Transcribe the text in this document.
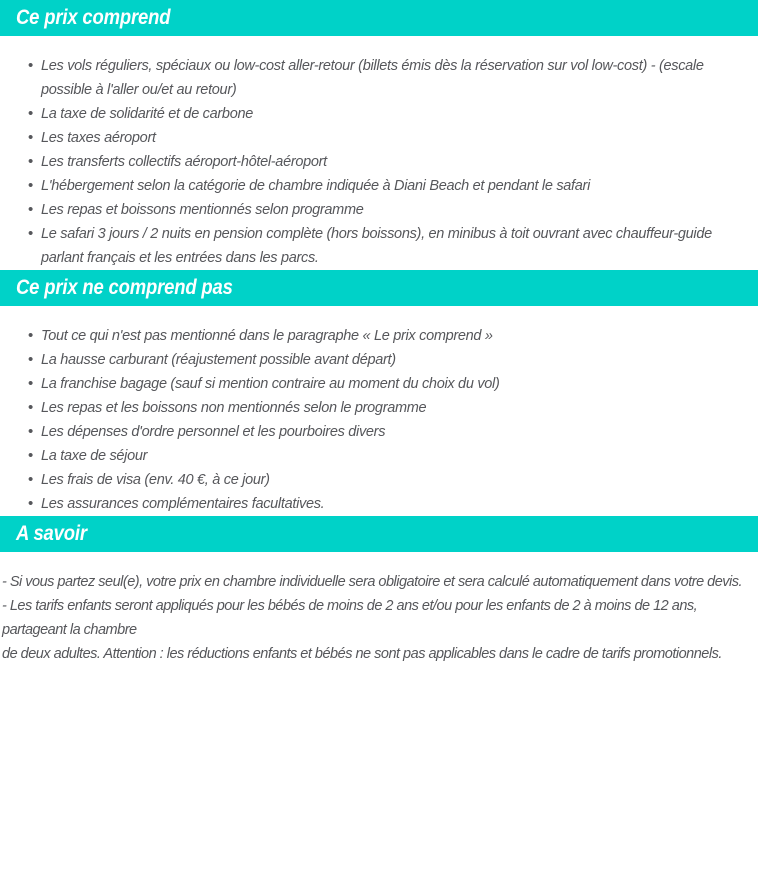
Ce prix comprend
• Les vols réguliers, spéciaux ou low-cost aller-retour (billets émis dès la réservation sur vol low-cost) - (escale possible à l'aller ou/et au retour)
• La taxe de solidarité et de carbone
• Les taxes aéroport
• Les transferts collectifs aéroport-hôtel-aéroport
• L'hébergement selon la catégorie de chambre indiquée à Diani Beach et pendant le safari
• Les repas et boissons mentionnés selon programme
• Le safari 3 jours / 2 nuits en pension complète (hors boissons), en minibus à toit ouvrant avec chauffeur-guide parlant français et les entrées dans les parcs.
Ce prix ne comprend pas
• Tout ce qui n'est pas mentionné dans le paragraphe « Le prix comprend »
• La hausse carburant (réajustement possible avant départ)
• La franchise bagage (sauf si mention contraire au moment du choix du vol)
• Les repas et les boissons non mentionnés selon le programme
• Les dépenses d'ordre personnel et les pourboires divers
• La taxe de séjour
• Les frais de visa (env. 40 €, à ce jour)
• Les assurances complémentaires facultatives.
A savoir

- Si vous partez seul(e), votre prix en chambre individuelle sera obligatoire et sera calculé automatiquement dans votre devis.

- Les tarifs enfants seront appliqués pour les bébés de moins de 2 ans et/ou pour les enfants de 2 à moins de 12 ans, partageant la chambre

de deux adultes. Attention : les réductions enfants et bébés ne sont pas applicables dans le cadre de tarifs promotionnels.
